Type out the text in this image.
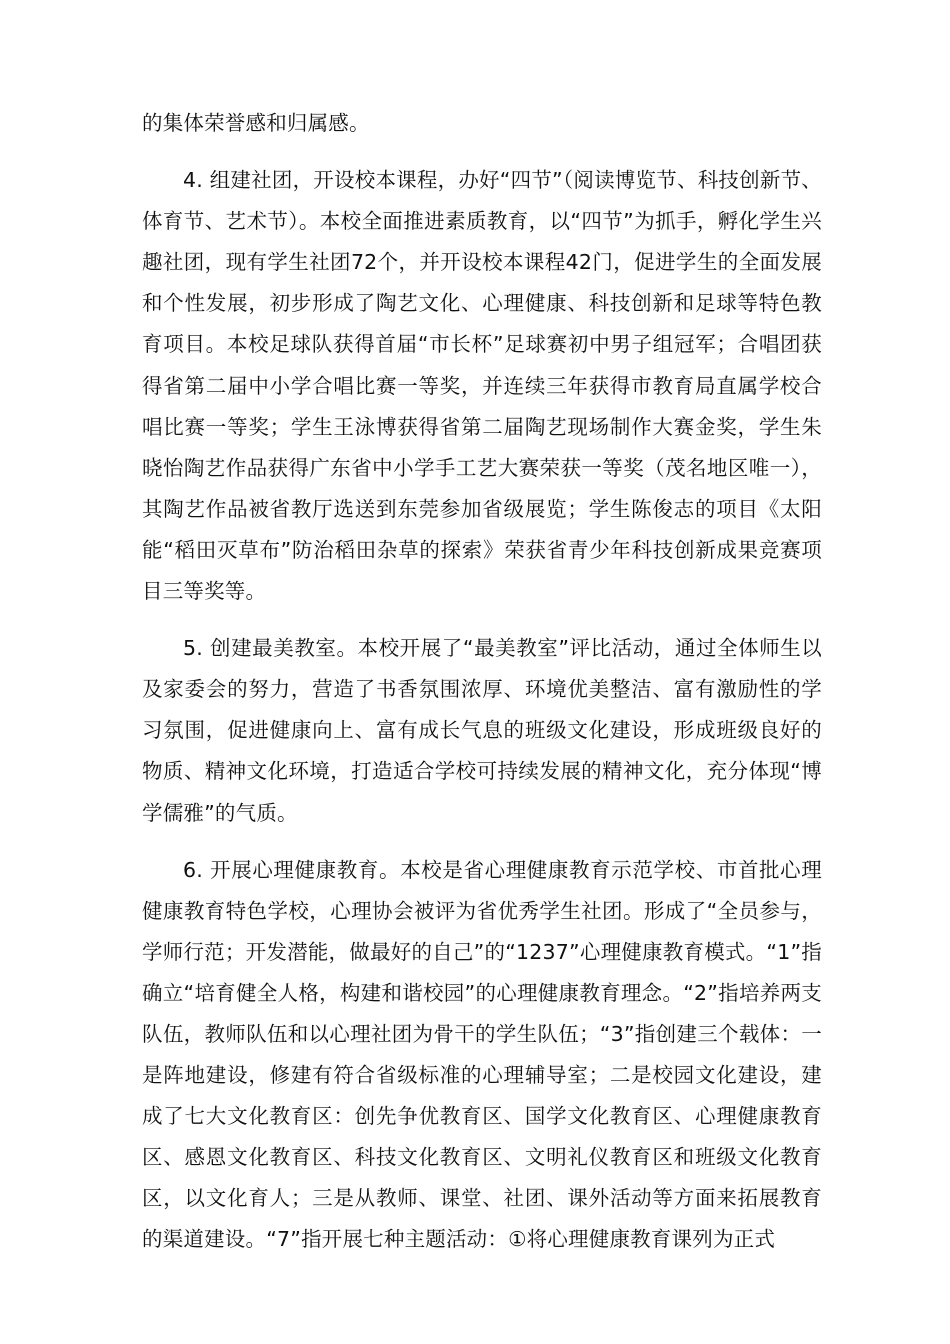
的集体荣誉感和归属感。

4. 组建社团，开设校本课程，办好“四节”（阅读博览节、科技创新节、体育节、艺术节）。本校全面推进素质教育，以“四节”为抓手，孵化学生兴趣社团，现有学生社团72个，并开设校本课程42门，促进学生的全面发展和个性发展，初步形成了陶艺文化、心理健康、科技创新和足球等特色教育项目。本校足球队获得首届“市长杯”足球赛初中男子组冠军；合唱团获得省第二届中小学合唱比赛一等奖，并连续三年获得市教育局直属学校合唱比赛一等奖；学生王泳博获得省第二届陶艺现场制作大赛金奖，学生朱晓怡陶艺作品获得广东省中小学手工艺大赛荣获一等奖（茂名地区唯一），其陶艺作品被省教厅选送到东莞参加省级展览；学生陈俊志的项目《太阳能“稻田灭草布”防治稻田杂草的探索》荣获省青少年科技创新成果竞赛项目三等奖等。

5. 创建最美教室。本校开展了“最美教室”评比活动，通过全体师生以及家委会的努力，营造了书香氛围浓厚、环境优美整洁、富有激励性的学习氛围，促进健康向上、富有成长气息的班级文化建设，形成班级良好的物质、精神文化环境，打造适合学校可持续发展的精神文化，充分体现“博学儒雅”的气质。

6. 开展心理健康教育。本校是省心理健康教育示范学校、市首批心理健康教育特色学校，心理协会被评为省优秀学生社团。形成了“全员参与，学师行范；开发潜能，做最好的自己”的“1237”心理健康教育模式。“1”指确立“培育健全人格，构建和谐校园”的心理健康教育理念。“2”指培养两支队伍，教师队伍和以心理社团为骨干的学生队伍；“3”指创建三个载体：一是阵地建设，修建有符合省级标准的心理辅导室；二是校园文化建设，建成了七大文化教育区：创先争优教育区、国学文化教育区、心理健康教育区、感恩文化教育区、科技文化教育区、文明礼仪教育区和班级文化教育区，以文化育人；三是从教师、课堂、社团、课外活动等方面来拓展教育的渠道建设。“7”指开展七种主题活动：①将心理健康教育课列为正式
